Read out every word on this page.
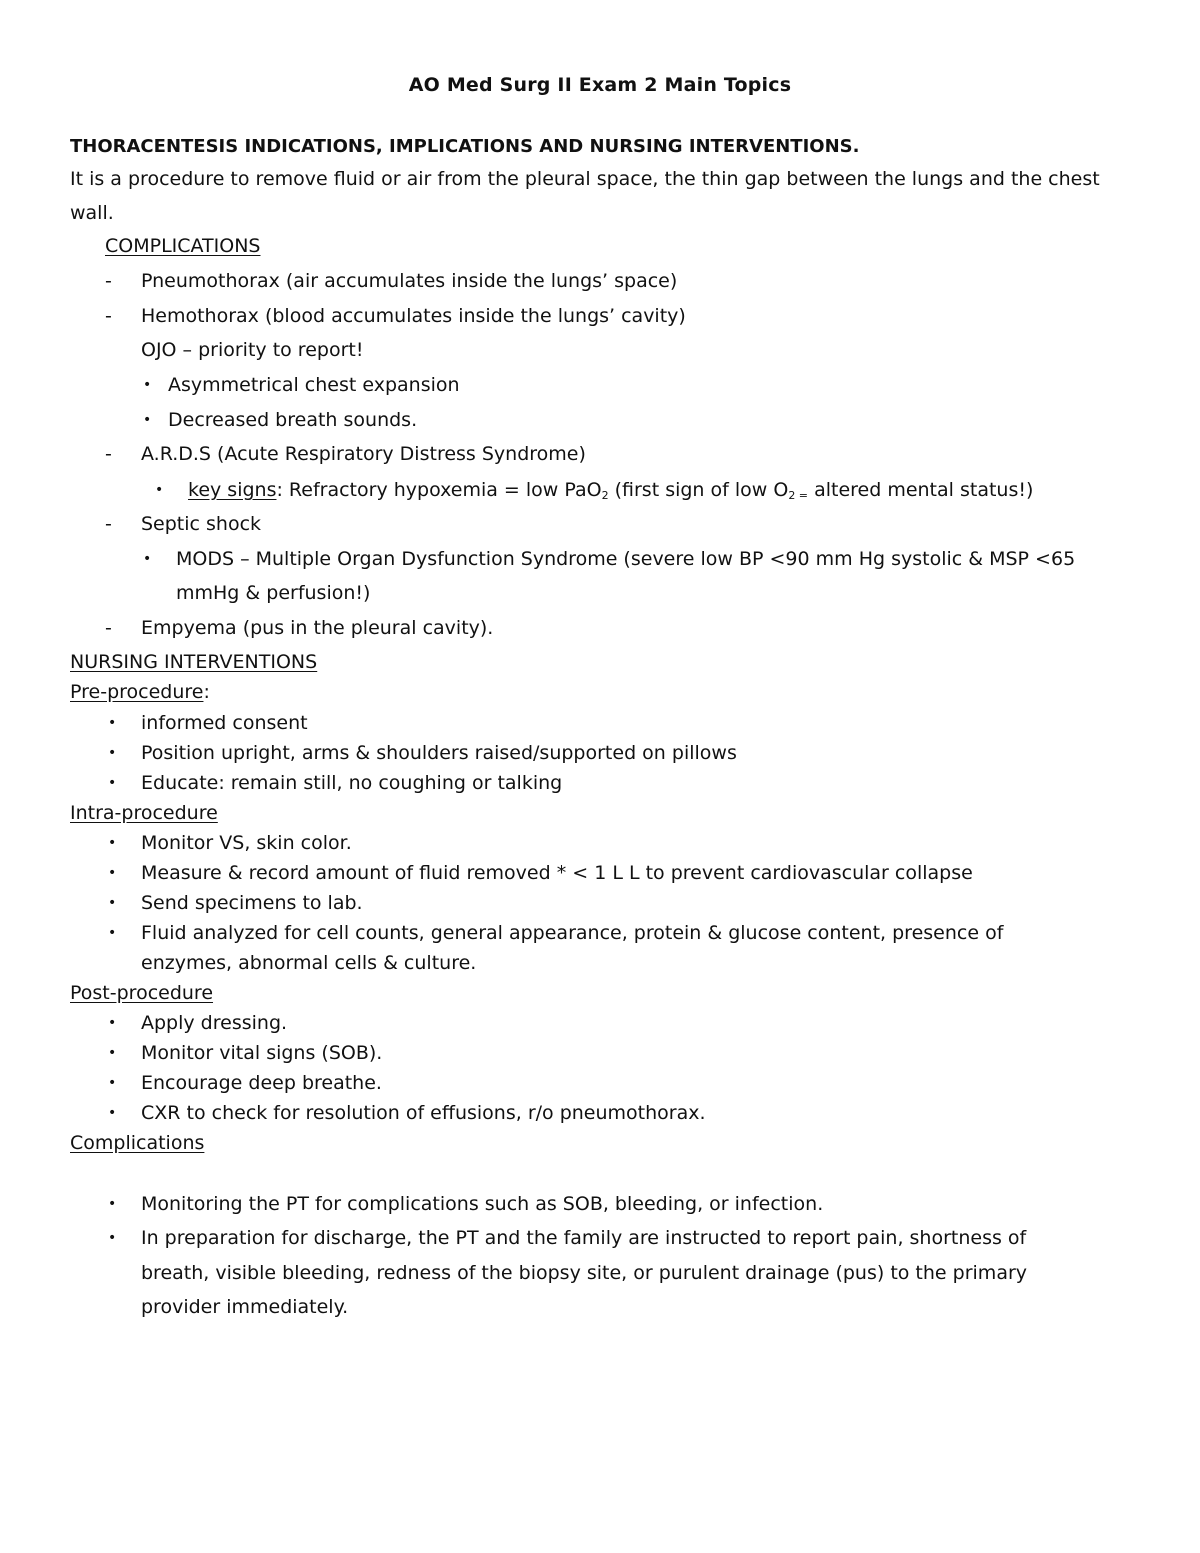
AO Med Surg II Exam 2 Main Topics
THORACENTESIS INDICATIONS, IMPLICATIONS AND NURSING INTERVENTIONS.
It is a procedure to remove fluid or air from the pleural space, the thin gap between the lungs and the chest wall.
COMPLICATIONS
- Pneumothorax (air accumulates inside the lungs’ space)
- Hemothorax (blood accumulates inside the lungs’ cavity)
OJO – priority to report!
• Asymmetrical chest expansion
• Decreased breath sounds.
- A.R.D.S (Acute Respiratory Distress Syndrome)
• key signs: Refractory hypoxemia = low PaO$_2$ (first sign of low $O_{2 =}$ altered mental status!)
- Septic shock
• MODS – Multiple Organ Dysfunction Syndrome (severe low BP <90 mm Hg systolic & MSP <65
mmHg & perfusion!)
- Empyema (pus in the pleural cavity).
NURSING INTERVENTIONS
Pre-procedure:
• informed consent
• Position upright, arms & shoulders raised/supported on pillows
• Educate: remain still, no coughing or talking
Intra-procedure
• Monitor VS, skin color.
• Measure & record amount of fluid removed * < 1 L L to prevent cardiovascular collapse
• Send specimens to lab.
• Fluid analyzed for cell counts, general appearance, protein & glucose content, presence of
enzymes, abnormal cells & culture.
Post-procedure
• Apply dressing.
• Monitor vital signs (SOB).
• Encourage deep breathe.
• CXR to check for resolution of effusions, r/o pneumothorax.
Complications
• Monitoring the PT for complications such as SOB, bleeding, or infection.
• In preparation for discharge, the PT and the family are instructed to report pain, shortness of
breath, visible bleeding, redness of the biopsy site, or purulent drainage (pus) to the primary
provider immediately.
